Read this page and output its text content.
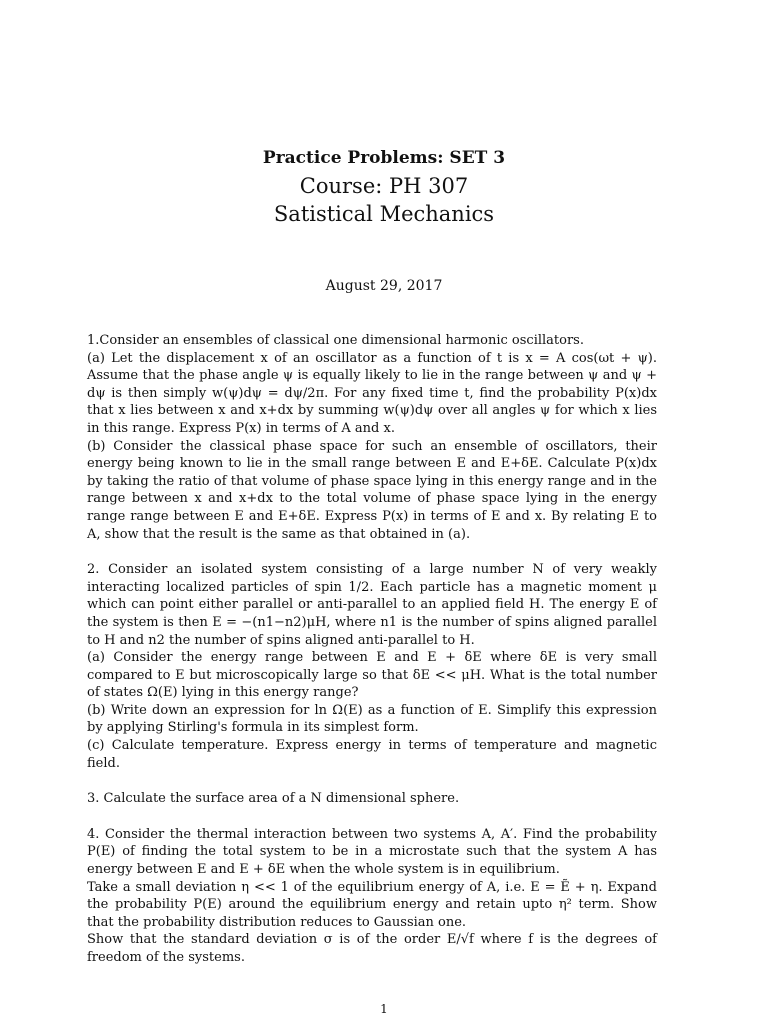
Practice Problems: SET 3
Course: PH 307
Satistical Mechanics
August 29, 2017

1.Consider an ensembles of classical one dimensional harmonic oscillators.

(a) Let the displacement x of an oscillator as a function of t is x = A cos(ωt + ψ). Assume that the phase angle ψ is equally likely to lie in the range between ψ and ψ + dψ is then simply w(ψ)dψ = dψ/2π. For any fixed time t, find the probability P(x)dx that x lies between x and x+dx by summing w(ψ)dψ over all angles ψ for which x lies in this range. Express P(x) in terms of A and x.

(b) Consider the classical phase space for such an ensemble of oscillators, their energy being known to lie in the small range between E and E+δE. Calculate P(x)dx by taking the ratio of that volume of phase space lying in this energy range and in the range between x and x+dx to the total volume of phase space lying in the energy range range between E and E+δE. Express P(x) in terms of E and x. By relating E to A, show that the result is the same as that obtained in (a).

2. Consider an isolated system consisting of a large number N of very weakly interacting localized particles of spin 1/2. Each particle has a magnetic moment μ which can point either parallel or anti-parallel to an applied field H. The energy E of the system is then E = −(n1−n2)μH, where n1 is the number of spins aligned parallel to H and n2 the number of spins aligned anti-parallel to H.

(a) Consider the energy range between E and E + δE where δE is very small compared to E but microscopically large so that δE << μH. What is the total number of states Ω(E) lying in this energy range?

(b) Write down an expression for ln Ω(E) as a function of E. Simplify this expression by applying Stirling's formula in its simplest form.

(c) Calculate temperature. Express energy in terms of temperature and magnetic field.

3. Calculate the surface area of a N dimensional sphere.

4. Consider the thermal interaction between two systems A, A′. Find the probability P(E) of finding the total system to be in a microstate such that the system A has energy between E and E + δE when the whole system is in equilibrium.

Take a small deviation η << 1 of the equilibrium energy of A, i.e. E = Ẽ + η. Expand the probability P(E) around the equilibrium energy and retain upto η² term. Show that the probability distribution reduces to Gaussian one.

Show that the standard deviation σ is of the order E/√f where f is the degrees of freedom of the systems.

1
